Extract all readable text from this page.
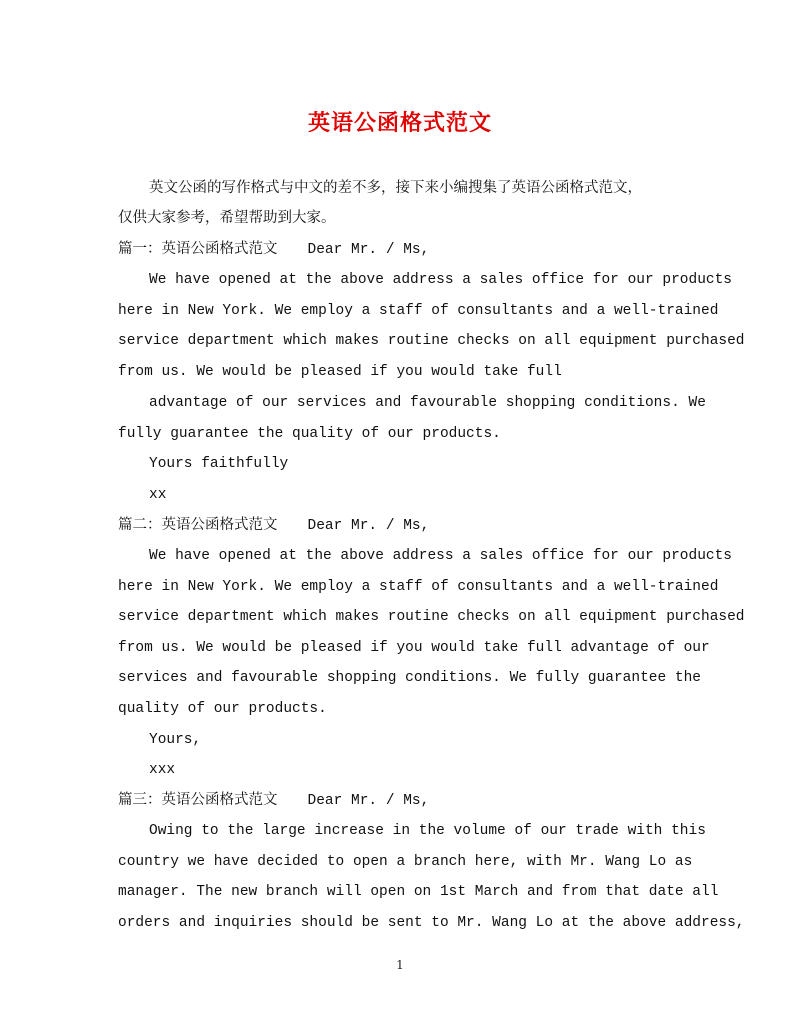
英语公函格式范文
英文公函的写作格式与中文的差不多，接下来小编搜集了英语公函格式范文，
仅供大家参考，希望帮助到大家。
篇一：英语公函格式范文 Dear Mr. / Ms,
We have opened at the above address a sales office for our products
here in New York. We employ a staff of consultants and a well-trained
service department which makes routine checks on all equipment purchased
from us. We would be pleased if you would take full
advantage of our services and favourable shopping conditions. We
fully guarantee the quality of our products.
Yours faithfully
xx
篇二：英语公函格式范文 Dear Mr. / Ms,
We have opened at the above address a sales office for our products
here in New York. We employ a staff of consultants and a well-trained
service department which makes routine checks on all equipment purchased
from us. We would be pleased if you would take full advantage of our
services and favourable shopping conditions. We fully guarantee the
quality of our products.
Yours,
xxx
篇三：英语公函格式范文 Dear Mr. / Ms,
Owing to the large increase in the volume of our trade with this
country we have decided to open a branch here, with Mr. Wang Lo as
manager. The new branch will open on 1st March and from that date all
orders and inquiries should be sent to Mr. Wang Lo at the above address,
1
